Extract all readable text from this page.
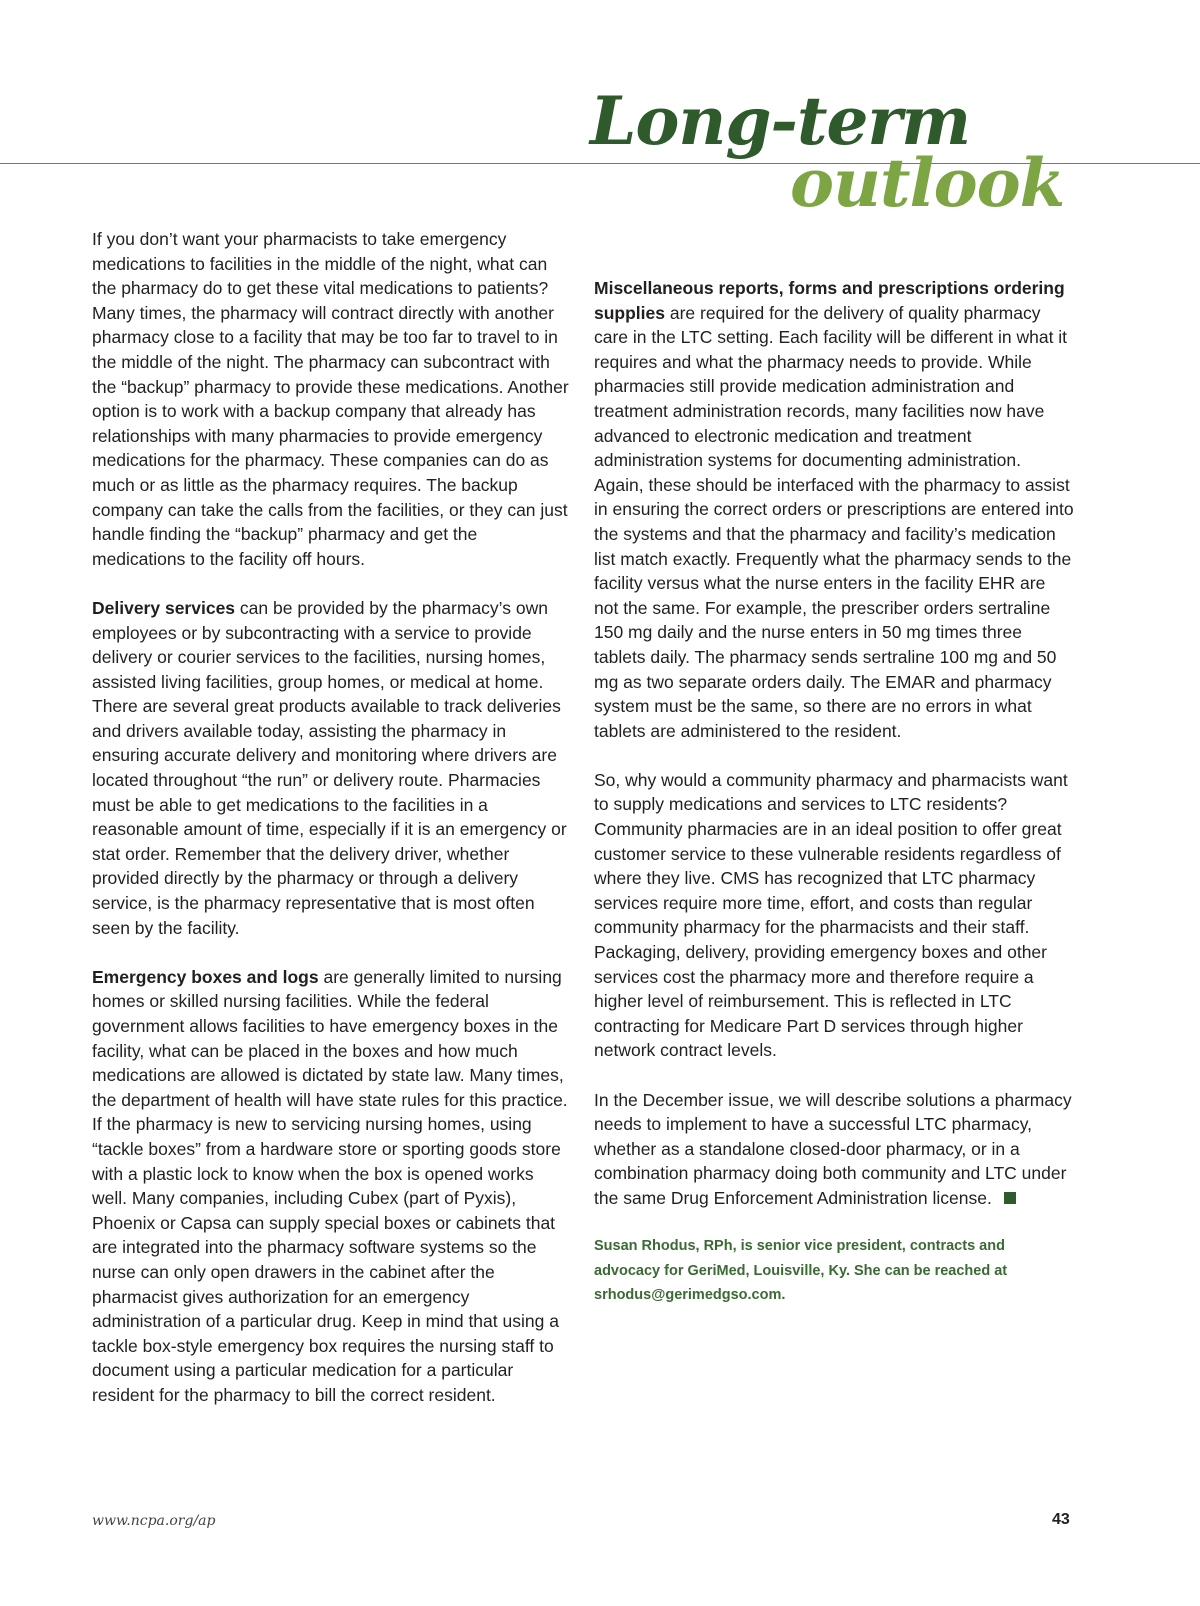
Long-term
outlook

If you don’t want your pharmacists to take emergency medications to facilities in the middle of the night, what can the pharmacy do to get these vital medications to patients? Many times, the pharmacy will contract directly with another pharmacy close to a facility that may be too far to travel to in the middle of the night. The pharmacy can subcontract with the “backup” pharmacy to provide these medications. Another option is to work with a backup company that already has relationships with many pharmacies to provide emergency medications for the pharmacy. These companies can do as much or as little as the pharmacy requires. The backup company can take the calls from the facilities, or they can just handle finding the “backup” pharmacy and get the medications to the facility off hours.

Delivery services can be provided by the pharmacy’s own employees or by subcontracting with a service to provide delivery or courier services to the facilities, nursing homes, assisted living facilities, group homes, or medical at home. There are several great products available to track deliveries and drivers available today, assisting the pharmacy in ensuring accurate delivery and monitoring where drivers are located throughout “the run” or delivery route. Pharmacies must be able to get medications to the facilities in a reasonable amount of time, especially if it is an emergency or stat order. Remember that the delivery driver, whether provided directly by the pharmacy or through a delivery service, is the pharmacy representative that is most often seen by the facility.

Emergency boxes and logs are generally limited to nursing homes or skilled nursing facilities. While the federal government allows facilities to have emergency boxes in the facility, what can be placed in the boxes and how much medications are allowed is dictated by state law. Many times, the department of health will have state rules for this practice. If the pharmacy is new to servicing nursing homes, using “tackle boxes” from a hardware store or sporting goods store with a plastic lock to know when the box is opened works well. Many companies, including Cubex (part of Pyxis), Phoenix or Capsa can supply special boxes or cabinets that are integrated into the pharmacy software systems so the nurse can only open drawers in the cabinet after the pharmacist gives authorization for an emergency administration of a particular drug. Keep in mind that using a tackle box-style emergency box requires the nursing staff to document using a particular medication for a particular resident for the pharmacy to bill the correct resident.

Miscellaneous reports, forms and prescriptions ordering supplies are required for the delivery of quality pharmacy care in the LTC setting. Each facility will be different in what it requires and what the pharmacy needs to provide. While pharmacies still provide medication administration and treatment administration records, many facilities now have advanced to electronic medication and treatment administration systems for documenting administration. Again, these should be interfaced with the pharmacy to assist in ensuring the correct orders or prescriptions are entered into the systems and that the pharmacy and facility’s medication list match exactly. Frequently what the pharmacy sends to the facility versus what the nurse enters in the facility EHR are not the same. For example, the prescriber orders sertraline 150 mg daily and the nurse enters in 50 mg times three tablets daily. The pharmacy sends sertraline 100 mg and 50 mg as two separate orders daily. The EMAR and pharmacy system must be the same, so there are no errors in what tablets are administered to the resident.

So, why would a community pharmacy and pharmacists want to supply medications and services to LTC residents? Community pharmacies are in an ideal position to offer great customer service to these vulnerable residents regardless of where they live. CMS has recognized that LTC pharmacy services require more time, effort, and costs than regular community pharmacy for the pharmacists and their staff. Packaging, delivery, providing emergency boxes and other services cost the pharmacy more and therefore require a higher level of reimbursement. This is reflected in LTC contracting for Medicare Part D services through higher network contract levels.

In the December issue, we will describe solutions a pharmacy needs to implement to have a successful LTC pharmacy, whether as a standalone closed-door pharmacy, or in a combination pharmacy doing both community and LTC under the same Drug Enforcement Administration license.

Susan Rhodus, RPh, is senior vice president, contracts and advocacy for GeriMed, Louisville, Ky. She can be reached at srhodus@gerimedgso.com.
www.ncpa.org/ap	43
